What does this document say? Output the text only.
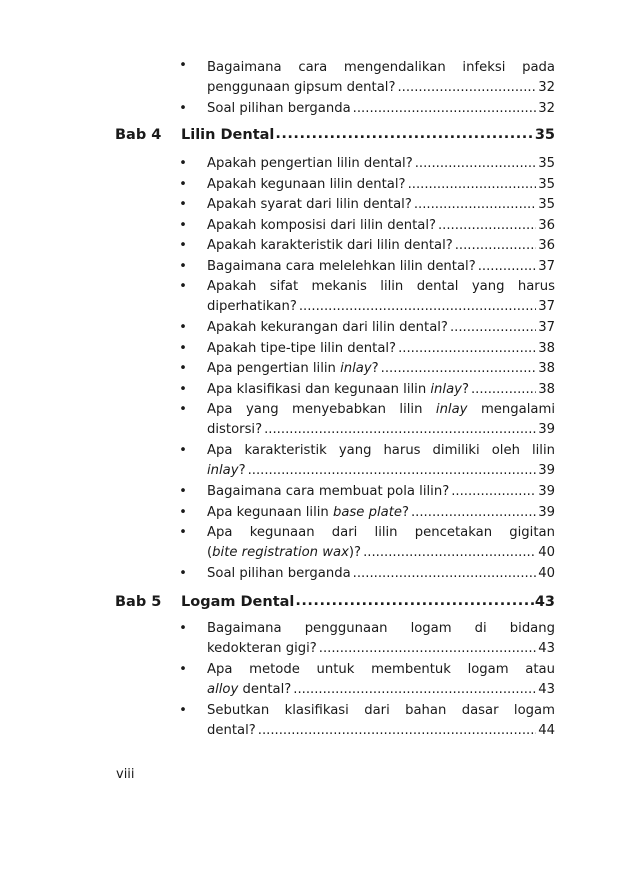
• Bagaimana cara mengendalikan infeksi pada
penggunaan gipsum dental? .....	32
• Soal pilihan berganda .....	32
Bab 4	Lilin Dental .....	35
• Apakah pengertian lilin dental? .....	35
• Apakah kegunaan lilin dental? .....	35
• Apakah syarat dari lilin dental? .....	35
• Apakah komposisi dari lilin dental? .....	36
• Apakah karakteristik dari lilin dental? .....	36
• Bagaimana cara melelehkan lilin dental? .....	37
• Apakah sifat mekanis lilin dental yang harus
diperhatikan? .....	37
• Apakah kekurangan dari lilin dental? .....	37
• Apakah tipe-tipe lilin dental? .....	38
• Apa pengertian lilin inlay? .....	38
• Apa klasifikasi dan kegunaan lilin inlay? .....	38
• Apa yang menyebabkan lilin inlay mengalami
distorsi? .....	39
• Apa karakteristik yang harus dimiliki oleh lilin
inlay? .....	39
• Bagaimana cara membuat pola lilin? .....	39
• Apa kegunaan lilin base plate? .....	39
• Apa kegunaan dari lilin pencetakan gigitan
(bite registration wax)? .....	40
• Soal pilihan berganda .....	40
Bab 5	Logam Dental .....	43
• Bagaimana penggunaan logam di bidang
kedokteran gigi? .....	43
• Apa metode untuk membentuk logam atau
alloy dental? .....	43
• Sebutkan klasifikasi dari bahan dasar logam
dental? .....	44
viii
